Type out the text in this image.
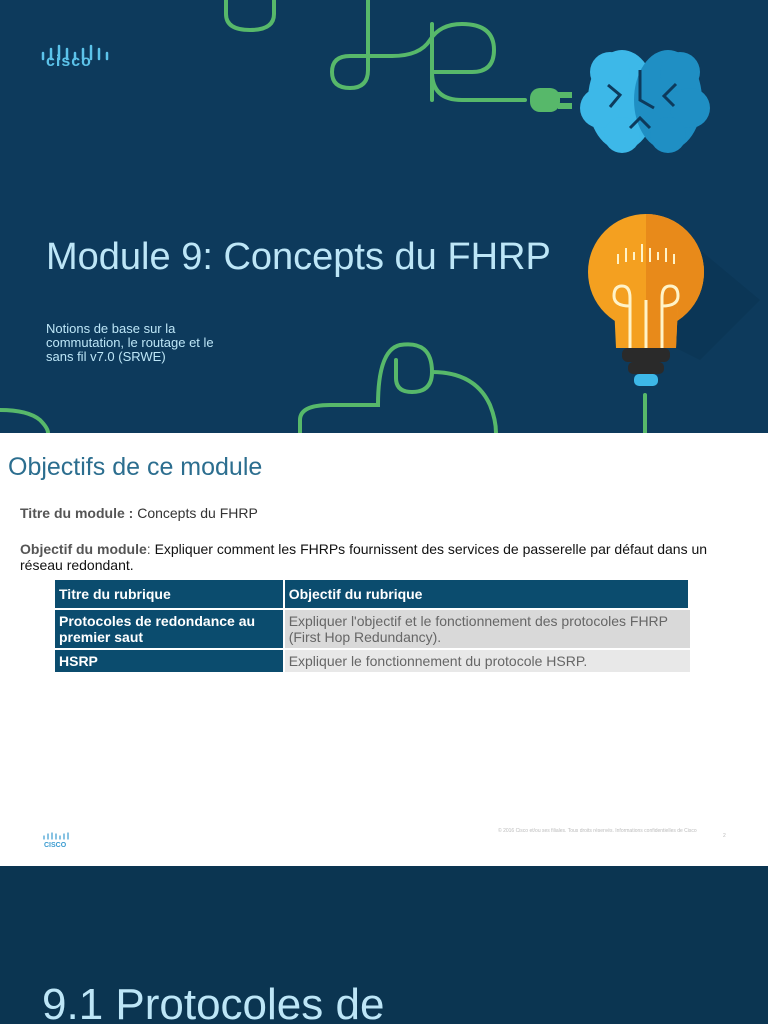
cisco
Module 9: Concepts du FHRP

Notions de base sur la commutation, le routage et le sans fil v7.0 (SRWE)

Objectifs de ce module
Titre du module : Concepts du FHRP
Objectif du module: Expliquer comment les FHRPs fournissent des services de passerelle par défaut dans un réseau redondant.
Titre du rubrique	Objectif du rubrique
Protocoles de redondance au premier saut	Expliquer l'objectif et le fonctionnement des protocoles FHRP (First Hop Redundancy).
HSRP	Expliquer le fonctionnement du protocole HSRP.
CISCO
© 2016 Cisco et/ou ses filiales. Tous droits réservés. Informations confidentielles de Cisco
2
9.1 Protocoles de
